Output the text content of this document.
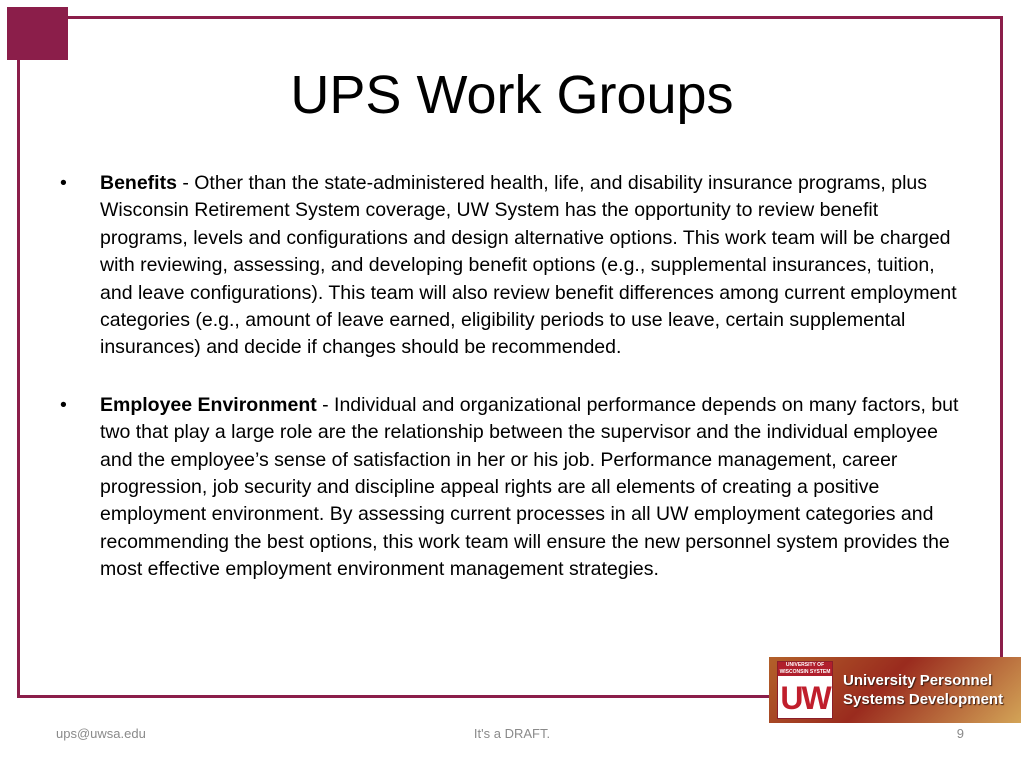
UPS Work Groups
• Benefits - Other than the state-administered health, life, and disability insurance programs, plus Wisconsin Retirement System coverage, UW System has the opportunity to review benefit programs, levels and configurations and design alternative options. This work team will be charged with reviewing, assessing, and developing benefit options (e.g., supplemental insurances, tuition, and leave configurations). This team will also review benefit differences among current employment categories (e.g., amount of leave earned, eligibility periods to use leave, certain supplemental insurances) and decide if changes should be recommended.
• Employee Environment - Individual and organizational performance depends on many factors, but two that play a large role are the relationship between the supervisor and the individual employee and the employee’s sense of satisfaction in her or his job. Performance management, career progression, job security and discipline appeal rights are all elements of creating a positive employment environment. By assessing current processes in all UW employment categories and recommending the best options, this work team will ensure the new personnel system provides the most effective employment environment management strategies.
UNIVERSITY OF WISCONSIN SYSTEM
UW University Personnel
Systems Development
ups@uwsa.edu	It's a DRAFT.	9
